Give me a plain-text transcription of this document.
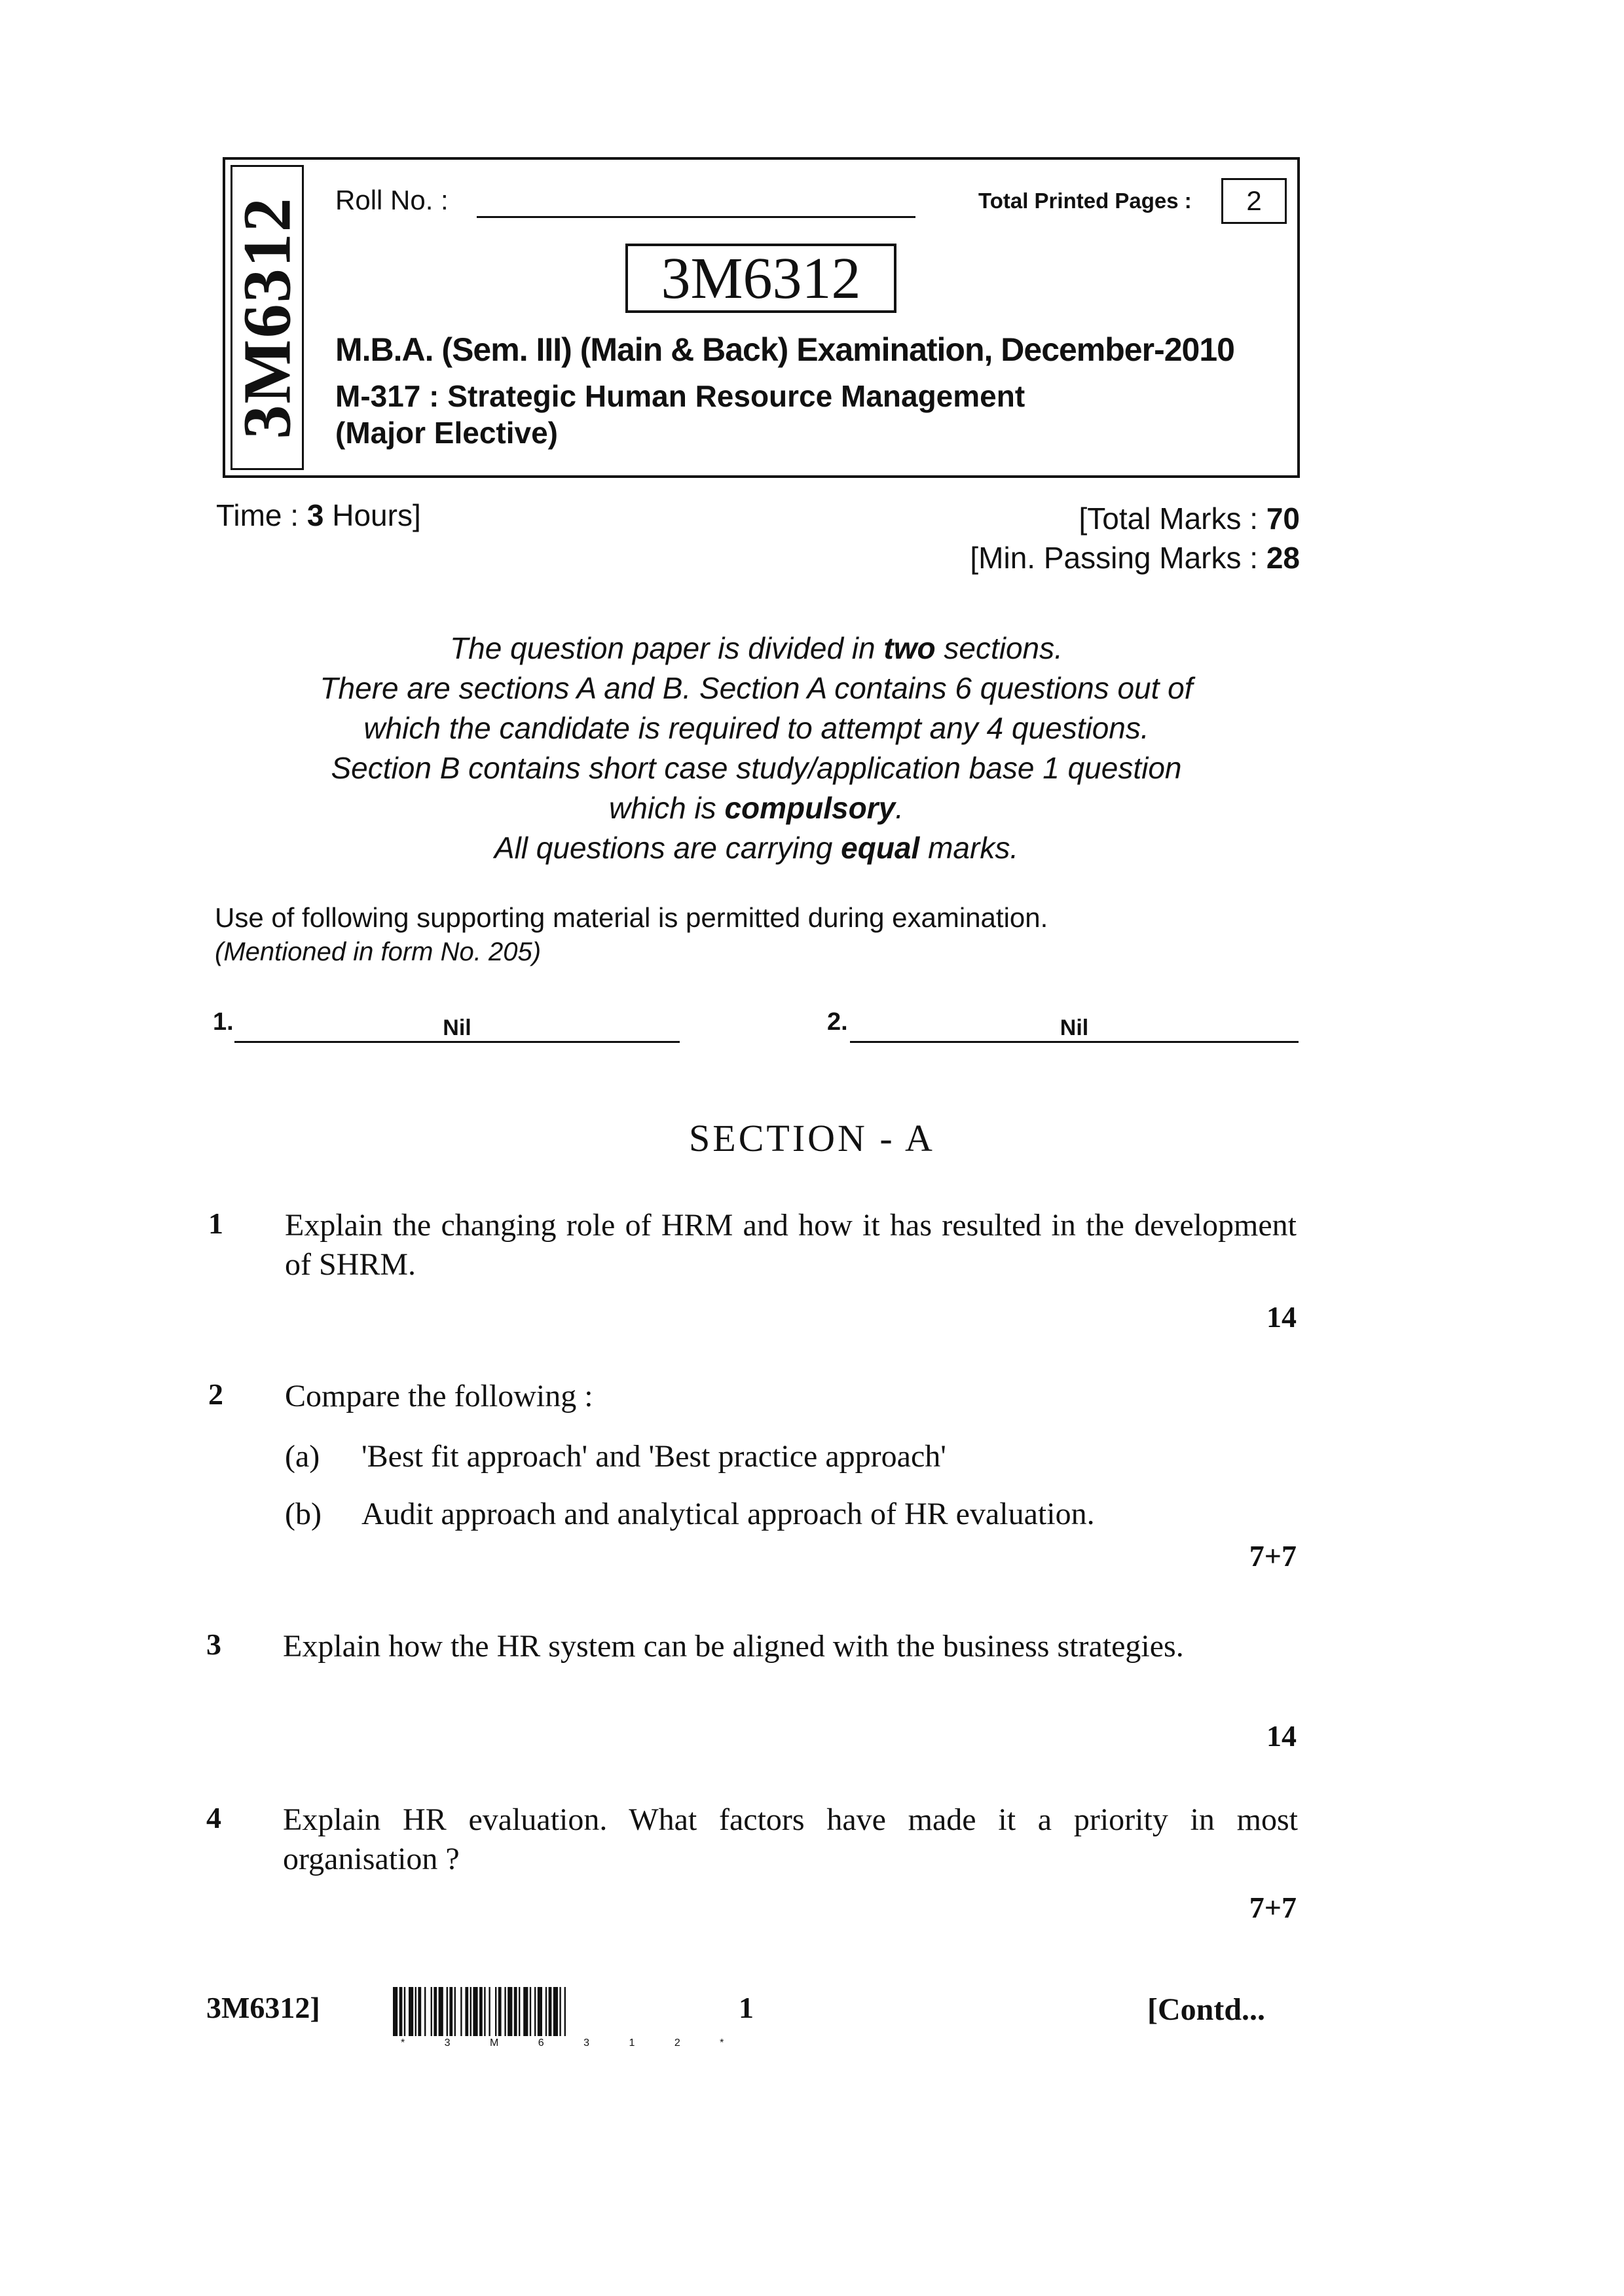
3M6312 Roll No. :	Total Printed Pages :	2
3M6312
M.B.A. (Sem. III) (Main & Back) Examination, December-2010
M-317 : Strategic Human Resource Management
(Major Elective)
Time : 3 Hours]	[Total Marks : 70
[Min. Passing Marks : 28
The question paper is divided in two sections.
There are sections A and B. Section A contains 6 questions out of
which the candidate is required to attempt any 4 questions.
Section B contains short case study/application base 1 question
which is compulsory.
All questions are carrying equal marks.
Use of following supporting material is permitted during examination.
(Mentioned in form No. 205)
1.	Nil	2.	Nil
SECTION - A
1 Explain the changing role of HRM and how it has resulted in the development of SHRM.
14
2 Compare the following :
(a) 'Best fit approach' and 'Best practice approach'
(b) Audit approach and analytical approach of HR evaluation.
7+7
3 Explain how the HR system can be aligned with the business strategies.
14
4 Explain HR evaluation. What factors have made it a priority in most organisation ?
7+7
3M6312]
* 3 M 6 3 1 2 *
1	[Contd...
